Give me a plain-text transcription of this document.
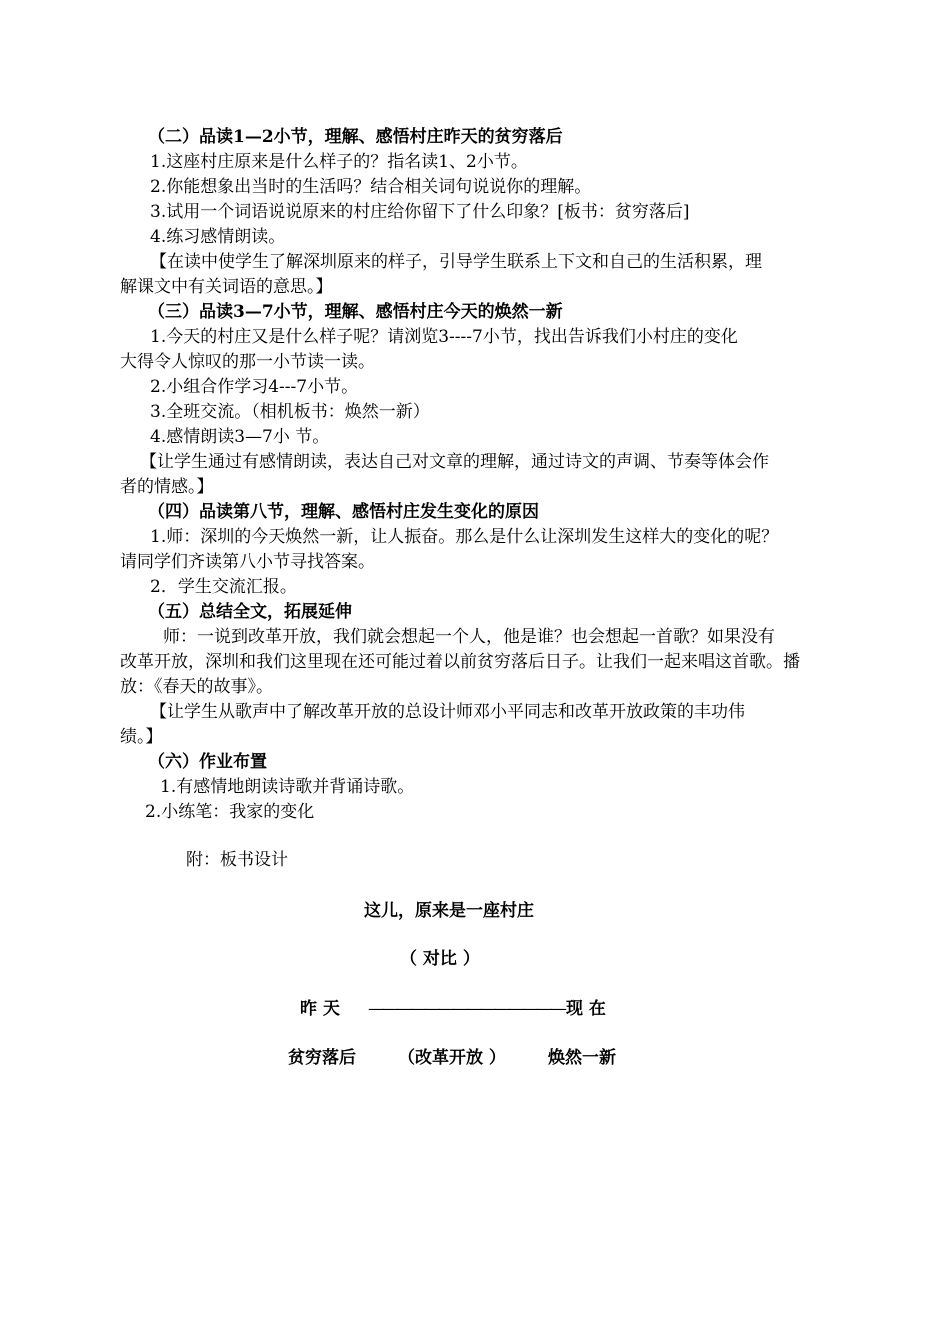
（二）品读1—2小节，理解、感悟村庄昨天的贫穷落后
1.这座村庄原来是什么样子的？指名读1、2小节。
2.你能想象出当时的生活吗？结合相关词句说说你的理解。
3.试用一个词语说说原来的村庄给你留下了什么印象？[板书：贫穷落后]
4.练习感情朗读。
【在读中使学生了解深圳原来的样子，引导学生联系上下文和自己的生活积累，理
解课文中有关词语的意思。】
（三）品读3—7小节，理解、感悟村庄今天的焕然一新
1.今天的村庄又是什么样子呢？请浏览3----7小节，找出告诉我们小村庄的变化
大得令人惊叹的那一小节读一读。
2.小组合作学习4---7小节。
3.全班交流。（相机板书：焕然一新）
4.感情朗读3—7小 节。
【让学生通过有感情朗读，表达自己对文章的理解，通过诗文的声调、节奏等体会作
者的情感。】
（四）品读第八节，理解、感悟村庄发生变化的原因
1.师：深圳的今天焕然一新，让人振奋。那么是什么让深圳发生这样大的变化的呢？
请同学们齐读第八小节寻找答案。
2．学生交流汇报。
（五）总结全文，拓展延伸
师：一说到改革开放，我们就会想起一个人，他是谁？也会想起一首歌？如果没有
改革开放，深圳和我们这里现在还可能过着以前贫穷落后日子。让我们一起来唱这首歌。播
放：《春天的故事》。
【让学生从歌声中了解改革开放的总设计师邓小平同志和改革开放政策的丰功伟
绩。】
（六）作业布置
1.有感情地朗读诗歌并背诵诗歌。
2.小练笔：我家的变化
附：板书设计
这儿，原来是一座村庄
（ 对比 ）
昨 天 —————————————— 现 在
贫穷落后 （改革开放 ） 焕然一新
